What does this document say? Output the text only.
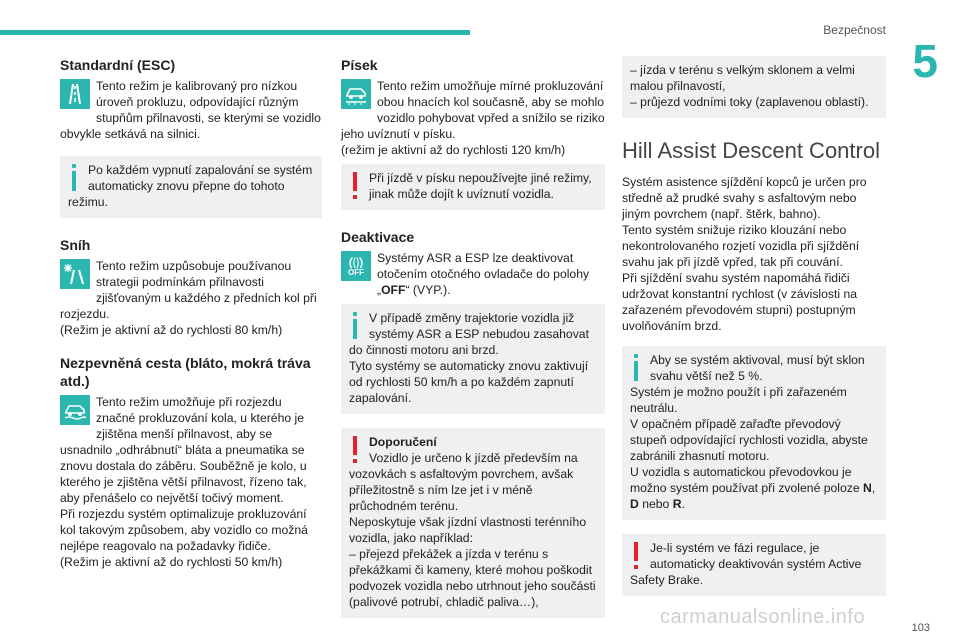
Bezpečnost
5
Standardní (ESC)

Tento režim je kalibrovaný pro nízkou úroveň prokluzu, odpovídající různým stupňům přilnavosti, se kterými se vozidlo obvykle setkává na silnici.

Po každém vypnutí zapalování se systém automaticky znovu přepne do tohoto režimu.

Sníh

Tento režim uzpůsobuje používanou strategii podmínkám přilnavosti zjišťovaným u každého z předních kol při rozjezdu.

(Režim je aktivní až do rychlosti 80 km/h)

Nezpevněná cesta (bláto, mokrá tráva atd.)

Tento režim umožňuje při rozjezdu značné prokluzování kola, u kterého je zjištěna menší přilnavost, aby se usnadnilo „odhrábnutí“ bláta a pneumatika se znovu dostala do záběru. Souběžně je kolo, u kterého je zjištěna větší přilnavost, řízeno tak, aby přenášelo co největší točivý moment.

Při rozjezdu systém optimalizuje prokluzování kol takovým způsobem, aby vozidlo co možná nejlépe reagovalo na požadavky řidiče.

(Režim je aktivní až do rychlosti 50 km/h)

Písek

Tento režim umožňuje mírné prokluzování obou hnacích kol současně, aby se mohlo vozidlo pohybovat vpřed a snížilo se riziko jeho uvíznutí v písku.

(režim je aktivní až do rychlosti 120 km/h)

Při jízdě v písku nepoužívejte jiné režimy, jinak může dojít k uvíznutí vozidla.

Deaktivace
OFF

Systémy ASR a ESP lze deaktivovat otočením otočného ovladače do polohy „OFF“ (VYP.).

V případě změny trajektorie vozidla již systémy ASR a ESP nebudou zasahovat do činnosti motoru ani brzd.

Tyto systémy se automaticky znovu zaktivují od rychlosti 50 km/h a po každém zapnutí zapalování.

Doporučení

Vozidlo je určeno k jízdě především na vozovkách s asfaltovým povrchem, avšak příležitostně s ním lze jet i v méně průchodném terénu.

Neposkytuje však jízdní vlastnosti terénního vozidla, jako například:

– přejezd překážek a jízda v terénu s překážkami či kameny, které mohou poškodit podvozek vozidla nebo utrhnout jeho součásti (palivové potrubí, chladič paliva…),

– jízda v terénu s velkým sklonem a velmi malou přilnavostí,

– průjezd vodními toky (zaplavenou oblastí).

Hill Assist Descent Control

Systém asistence sjíždění kopců je určen pro středně až prudké svahy s asfaltovým nebo jiným povrchem (např. štěrk, bahno).

Tento systém snižuje riziko klouzání nebo nekontrolovaného rozjetí vozidla při sjíždění svahu jak při jízdě vpřed, tak při couvání.

Při sjíždění svahu systém napomáhá řidiči udržovat konstantní rychlost (v závislosti na zařazeném převodovém stupni) postupným uvolňováním brzd.

Aby se systém aktivoval, musí být sklon svahu větší než 5 %.

Systém je možno použít i při zařazeném neutrálu.

V opačném případě zařaďte převodový stupeň odpovídající rychlosti vozidla, abyste zabránili zhasnutí motoru.

U vozidla s automatickou převodovkou je možno systém používat při zvolené poloze N, D nebo R.

Je-li systém ve fázi regulace, je automaticky deaktivován systém Active Safety Brake.

carmanualsonline.info	103
